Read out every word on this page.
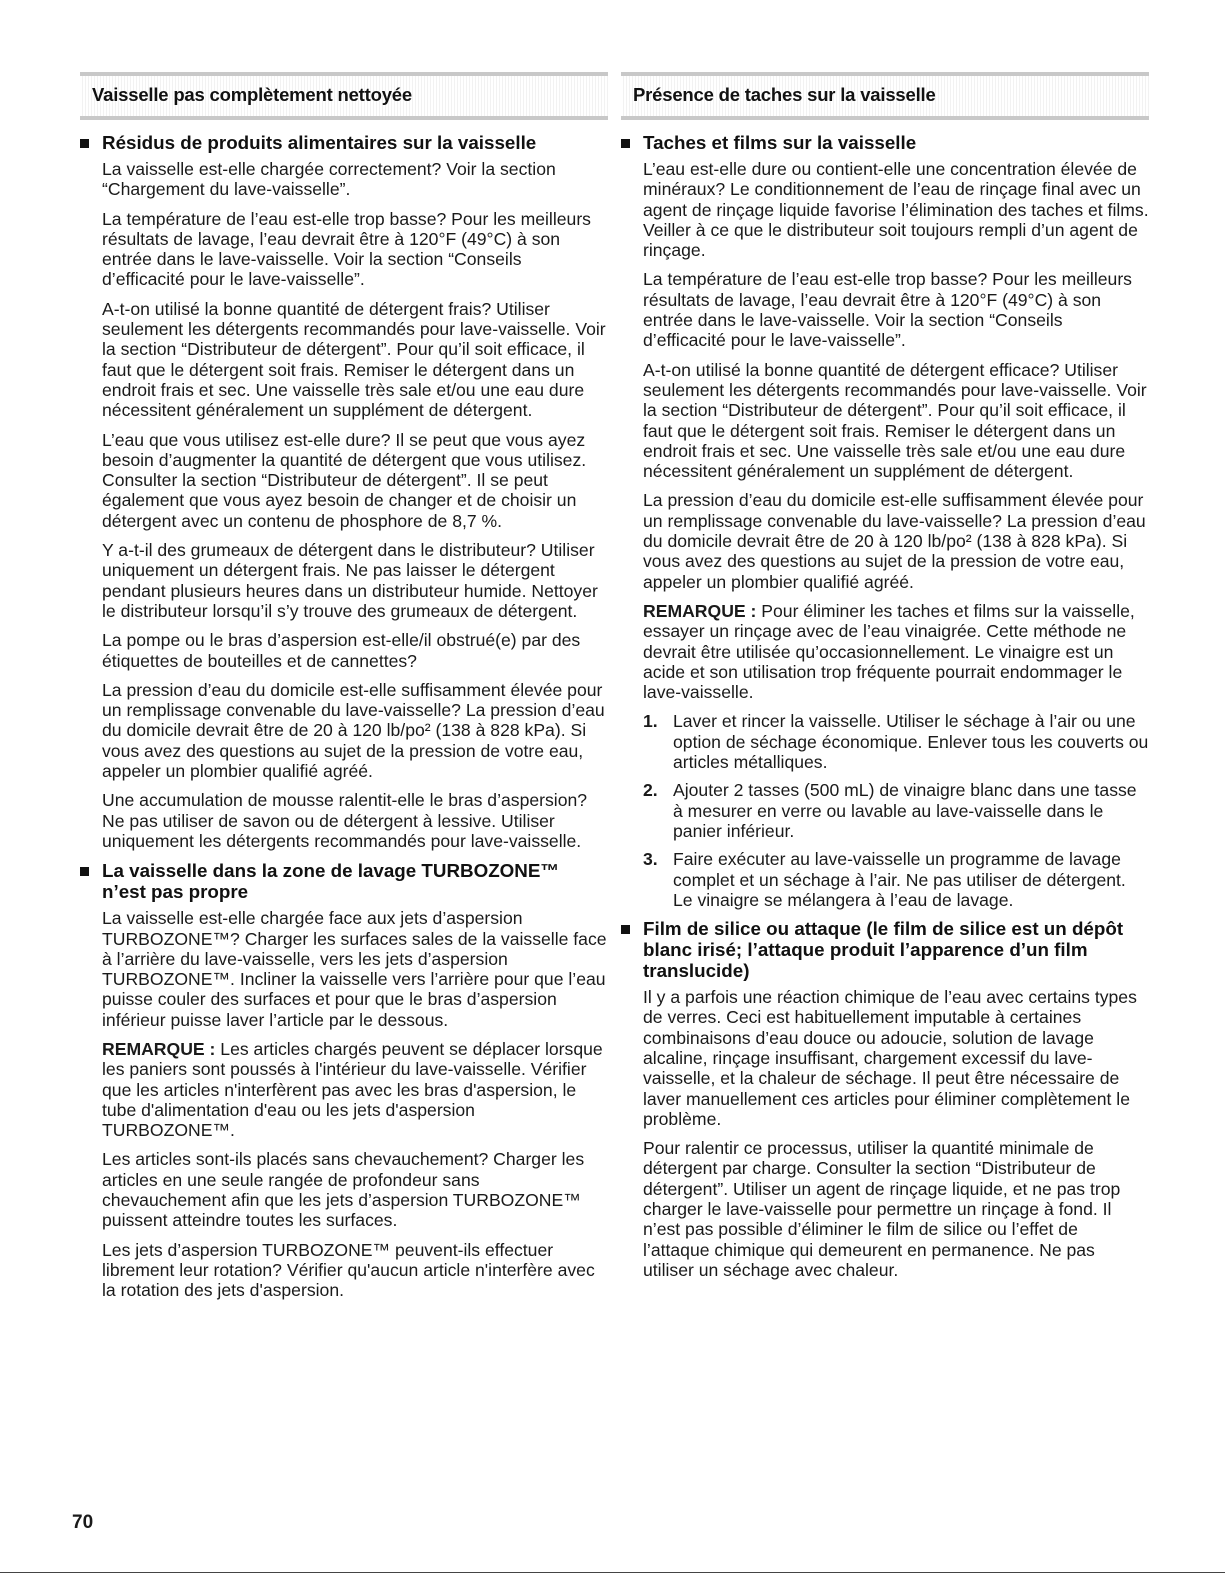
Vaisselle pas complètement nettoyée

Résidus de produits alimentaires sur la vaisselle

La vaisselle est-elle chargée correctement? Voir la section “Chargement du lave-vaisselle”.

La température de l’eau est-elle trop basse? Pour les meilleurs résultats de lavage, l’eau devrait être à 120°F (49°C) à son entrée dans le lave-vaisselle. Voir la section “Conseils d’efficacité pour le lave-vaisselle”.

A-t-on utilisé la bonne quantité de détergent frais? Utiliser seulement les détergents recommandés pour lave-vaisselle. Voir la section “Distributeur de détergent”. Pour qu’il soit efficace, il faut que le détergent soit frais. Remiser le détergent dans un endroit frais et sec. Une vaisselle très sale et/ou une eau dure nécessitent généralement un supplément de détergent.

L’eau que vous utilisez est-elle dure? Il se peut que vous ayez besoin d’augmenter la quantité de détergent que vous utilisez. Consulter la section “Distributeur de détergent”. Il se peut également que vous ayez besoin de changer et de choisir un détergent avec un contenu de phosphore de 8,7 %.

Y a-t-il des grumeaux de détergent dans le distributeur? Utiliser uniquement un détergent frais. Ne pas laisser le détergent pendant plusieurs heures dans un distributeur humide. Nettoyer le distributeur lorsqu’il s’y trouve des grumeaux de détergent.

La pompe ou le bras d’aspersion est-elle/il obstrué(e) par des étiquettes de bouteilles et de cannettes?

La pression d’eau du domicile est-elle suffisamment élevée pour un remplissage convenable du lave-vaisselle? La pression d’eau du domicile devrait être de 20 à 120 lb/po² (138 à 828 kPa). Si vous avez des questions au sujet de la pression de votre eau, appeler un plombier qualifié agréé.

Une accumulation de mousse ralentit-elle le bras d’aspersion? Ne pas utiliser de savon ou de détergent à lessive. Utiliser uniquement les détergents recommandés pour lave-vaisselle.

La vaisselle dans la zone de lavage TURBOZONE™ n’est pas propre

La vaisselle est-elle chargée face aux jets d’aspersion TURBOZONE™? Charger les surfaces sales de la vaisselle face à l’arrière du lave-vaisselle, vers les jets d’aspersion TURBOZONE™. Incliner la vaisselle vers l’arrière pour que l’eau puisse couler des surfaces et pour que le bras d’aspersion inférieur puisse laver l’article par le dessous.

REMARQUE : Les articles chargés peuvent se déplacer lorsque les paniers sont poussés à l'intérieur du lave-vaisselle. Vérifier que les articles n'interfèrent pas avec les bras d'aspersion, le tube d'alimentation d'eau ou les jets d'aspersion TURBOZONE™.

Les articles sont-ils placés sans chevauchement? Charger les articles en une seule rangée de profondeur sans chevauchement afin que les jets d’aspersion TURBOZONE™ puissent atteindre toutes les surfaces.

Les jets d’aspersion TURBOZONE™ peuvent-ils effectuer librement leur rotation? Vérifier qu'aucun article n'interfère avec la rotation des jets d'aspersion.

Présence de taches sur la vaisselle

Taches et films sur la vaisselle

L’eau est-elle dure ou contient-elle une concentration élevée de minéraux? Le conditionnement de l’eau de rinçage final avec un agent de rinçage liquide favorise l’élimination des taches et films. Veiller à ce que le distributeur soit toujours rempli d’un agent de rinçage.

La température de l’eau est-elle trop basse? Pour les meilleurs résultats de lavage, l’eau devrait être à 120°F (49°C) à son entrée dans le lave-vaisselle. Voir la section “Conseils d’efficacité pour le lave-vaisselle”.

A-t-on utilisé la bonne quantité de détergent efficace? Utiliser seulement les détergents recommandés pour lave-vaisselle. Voir la section “Distributeur de détergent”. Pour qu’il soit efficace, il faut que le détergent soit frais. Remiser le détergent dans un endroit frais et sec. Une vaisselle très sale et/ou une eau dure nécessitent généralement un supplément de détergent.

La pression d’eau du domicile est-elle suffisamment élevée pour un remplissage convenable du lave-vaisselle? La pression d’eau du domicile devrait être de 20 à 120 lb/po² (138 à 828 kPa). Si vous avez des questions au sujet de la pression de votre eau, appeler un plombier qualifié agréé.

REMARQUE : Pour éliminer les taches et films sur la vaisselle, essayer un rinçage avec de l’eau vinaigrée. Cette méthode ne devrait être utilisée qu’occasionnellement. Le vinaigre est un acide et son utilisation trop fréquente pourrait endommager le lave-vaisselle.

1. Laver et rincer la vaisselle. Utiliser le séchage à l’air ou une option de séchage économique. Enlever tous les couverts ou articles métalliques.
2. Ajouter 2 tasses (500 mL) de vinaigre blanc dans une tasse à mesurer en verre ou lavable au lave-vaisselle dans le panier inférieur.
3. Faire exécuter au lave-vaisselle un programme de lavage complet et un séchage à l’air. Ne pas utiliser de détergent. Le vinaigre se mélangera à l’eau de lavage.

Film de silice ou attaque (le film de silice est un dépôt blanc irisé; l’attaque produit l’apparence d’un film translucide)

Il y a parfois une réaction chimique de l’eau avec certains types de verres. Ceci est habituellement imputable à certaines combinaisons d’eau douce ou adoucie, solution de lavage alcaline, rinçage insuffisant, chargement excessif du lave-vaisselle, et la chaleur de séchage. Il peut être nécessaire de laver manuellement ces articles pour éliminer complètement le problème.

Pour ralentir ce processus, utiliser la quantité minimale de détergent par charge. Consulter la section “Distributeur de détergent”. Utiliser un agent de rinçage liquide, et ne pas trop charger le lave-vaisselle pour permettre un rinçage à fond. Il n’est pas possible d’éliminer le film de silice ou l’effet de l’attaque chimique qui demeurent en permanence. Ne pas utiliser un séchage avec chaleur.

70
